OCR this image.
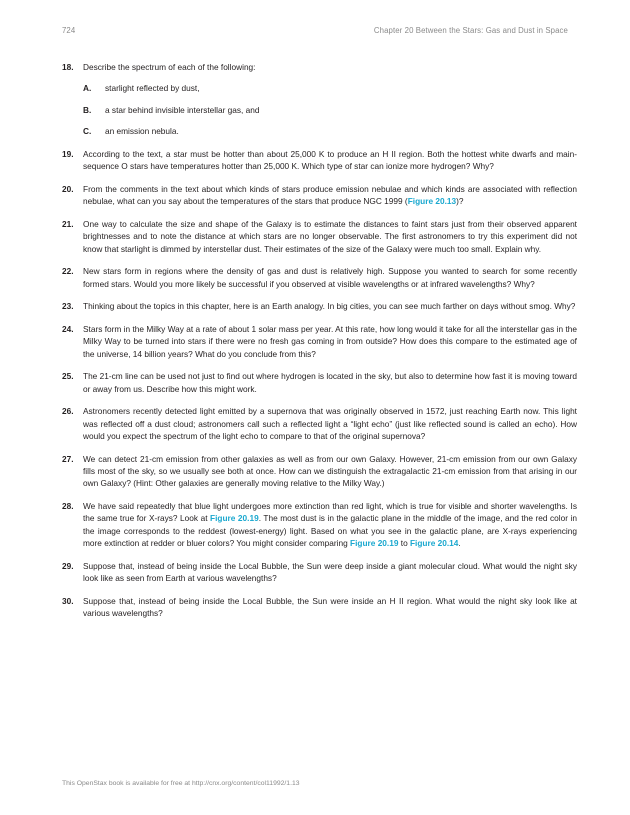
724	Chapter 20 Between the Stars: Gas and Dust in Space
18. Describe the spectrum of each of the following:
A. starlight reflected by dust,
B. a star behind invisible interstellar gas, and
C. an emission nebula.
19. According to the text, a star must be hotter than about 25,000 K to produce an H II region. Both the hottest white dwarfs and main-sequence O stars have temperatures hotter than 25,000 K. Which type of star can ionize more hydrogen? Why?
20. From the comments in the text about which kinds of stars produce emission nebulae and which kinds are associated with reflection nebulae, what can you say about the temperatures of the stars that produce NGC 1999 (Figure 20.13)?
21. One way to calculate the size and shape of the Galaxy is to estimate the distances to faint stars just from their observed apparent brightnesses and to note the distance at which stars are no longer observable. The first astronomers to try this experiment did not know that starlight is dimmed by interstellar dust. Their estimates of the size of the Galaxy were much too small. Explain why.
22. New stars form in regions where the density of gas and dust is relatively high. Suppose you wanted to search for some recently formed stars. Would you more likely be successful if you observed at visible wavelengths or at infrared wavelengths? Why?
23. Thinking about the topics in this chapter, here is an Earth analogy. In big cities, you can see much farther on days without smog. Why?
24. Stars form in the Milky Way at a rate of about 1 solar mass per year. At this rate, how long would it take for all the interstellar gas in the Milky Way to be turned into stars if there were no fresh gas coming in from outside? How does this compare to the estimated age of the universe, 14 billion years? What do you conclude from this?
25. The 21-cm line can be used not just to find out where hydrogen is located in the sky, but also to determine how fast it is moving toward or away from us. Describe how this might work.
26. Astronomers recently detected light emitted by a supernova that was originally observed in 1572, just reaching Earth now. This light was reflected off a dust cloud; astronomers call such a reflected light a “light echo” (just like reflected sound is called an echo). How would you expect the spectrum of the light echo to compare to that of the original supernova?
27. We can detect 21-cm emission from other galaxies as well as from our own Galaxy. However, 21-cm emission from our own Galaxy fills most of the sky, so we usually see both at once. How can we distinguish the extragalactic 21-cm emission from that arising in our own Galaxy? (Hint: Other galaxies are generally moving relative to the Milky Way.)
28. We have said repeatedly that blue light undergoes more extinction than red light, which is true for visible and shorter wavelengths. Is the same true for X-rays? Look at Figure 20.19. The most dust is in the galactic plane in the middle of the image, and the red color in the image corresponds to the reddest (lowest-energy) light. Based on what you see in the galactic plane, are X-rays experiencing more extinction at redder or bluer colors? You might consider comparing Figure 20.19 to Figure 20.14.
29. Suppose that, instead of being inside the Local Bubble, the Sun were deep inside a giant molecular cloud. What would the night sky look like as seen from Earth at various wavelengths?
30. Suppose that, instead of being inside the Local Bubble, the Sun were inside an H II region. What would the night sky look like at various wavelengths?
This OpenStax book is available for free at http://cnx.org/content/col11992/1.13
